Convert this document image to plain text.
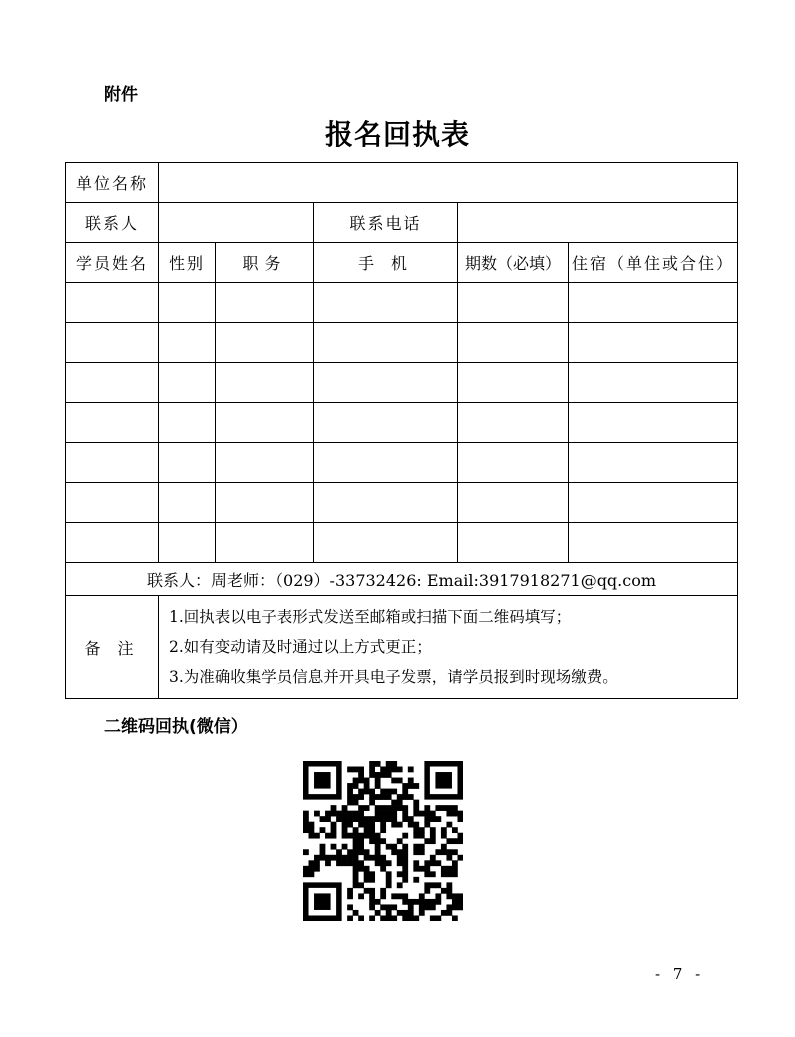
附件
报名回执表
单位名称					
联系人			联系电话		
学员姓名	性别	职务	手 机	期数（必填）	住宿（单住或合住）

联系人：周老师：（029）-33732426: Email:3917918271@qq.com					
备 注	1.回执表以电子表形式发送至邮箱或扫描下面二维码填写；
2.如有变动请及时通过以上方式更正；
3.为准确收集学员信息并开具电子发票，请学员报到时现场缴费。				
二维码回执(微信）
- 7 -
